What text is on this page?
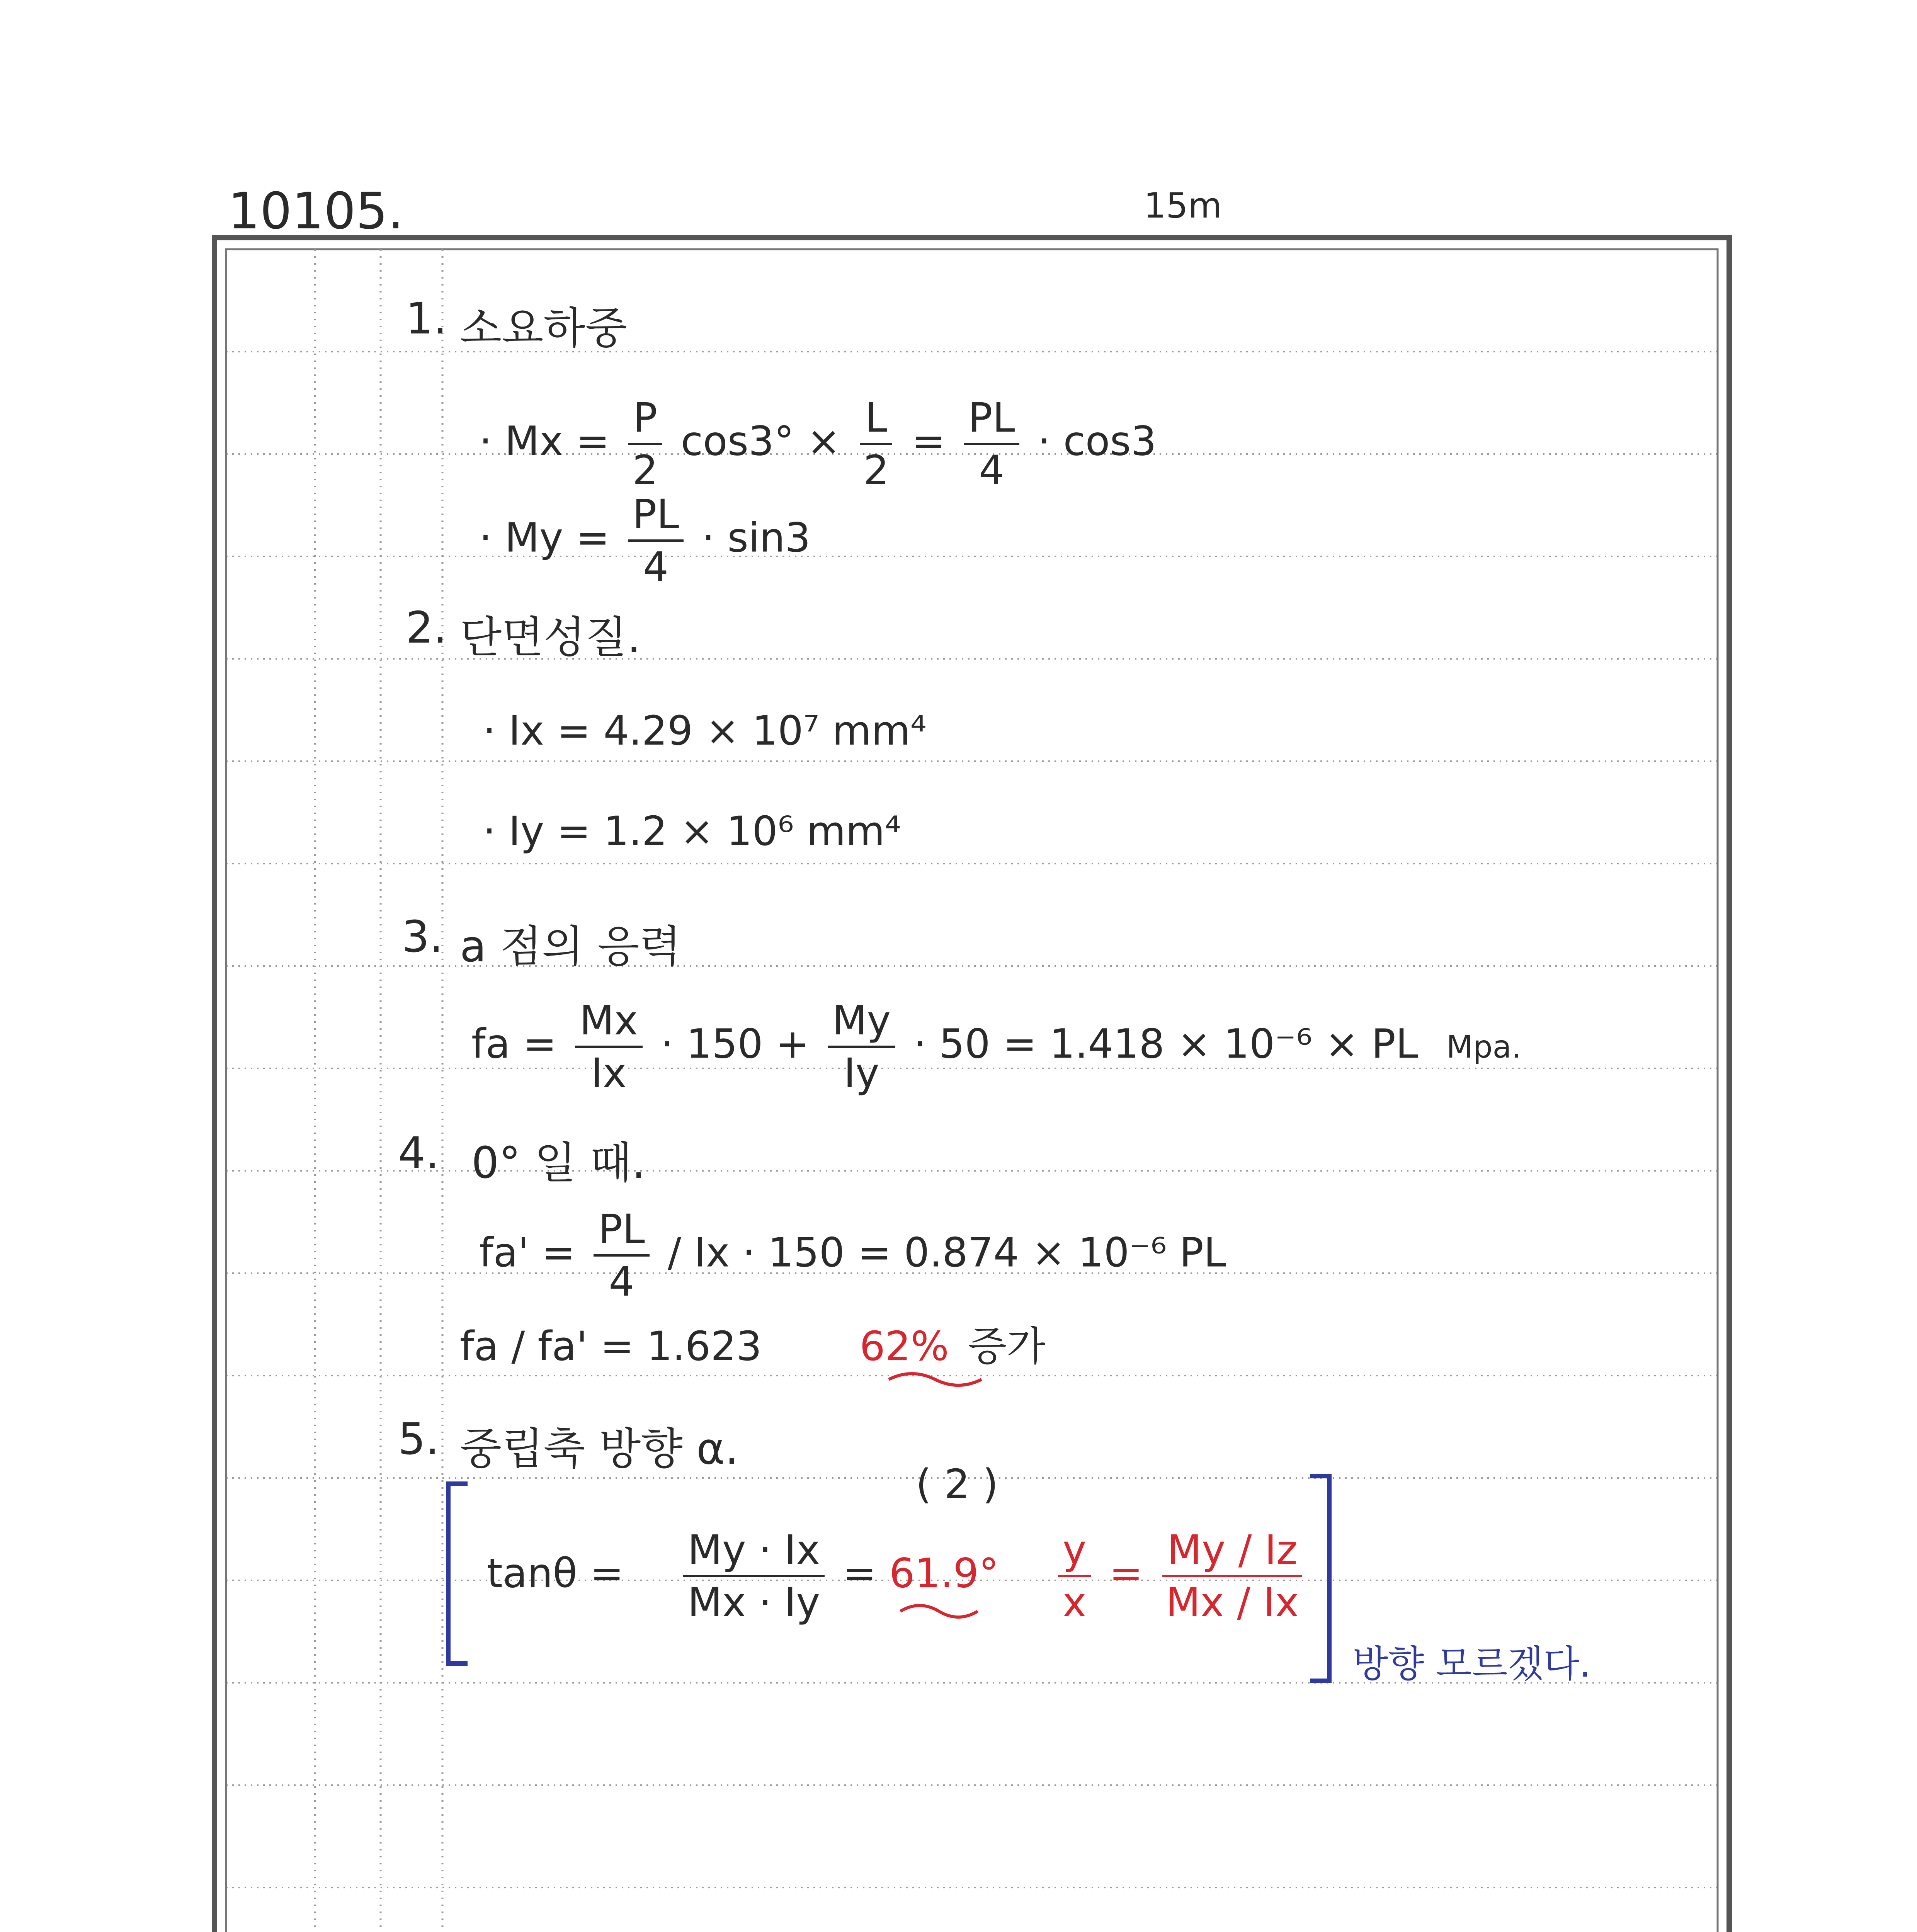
10105.	15m
1. 소요하중
· $Mx = \frac{P}{2} \cos 3^\circ \times \frac{L}{2} = \frac{PL}{4} \cdot \cos 3$
· $My = \frac{PL}{4} \cdot \sin 3$
2. 단면성질.
· Ix = 4.29 × 10⁷ mm⁴
· Iy = 1.2 × 10⁶ mm⁴
3. a 점의 응력
fa = $\frac{Mx}{Ix} \cdot 150 + \frac{My}{Iy} \cdot 50 = 1.418 \times 10^{-6}$ × PL Mpa.
4. 0° 일 때.
$fa' = \frac{PL}{4} / Ix \cdot 150 = 0.874 \times 10^{-6}$ PL
fa / fa' = 1.623 62% 증가
5. 중립축 방향 α.
( 2 )
$\tan\theta = \frac{My \cdot Ix}{Mx \cdot Iy} = 61.9^\circ \frac{y}{x} = \frac{My / Iz}{Mx / Ix}$
방향 모르겠다.
